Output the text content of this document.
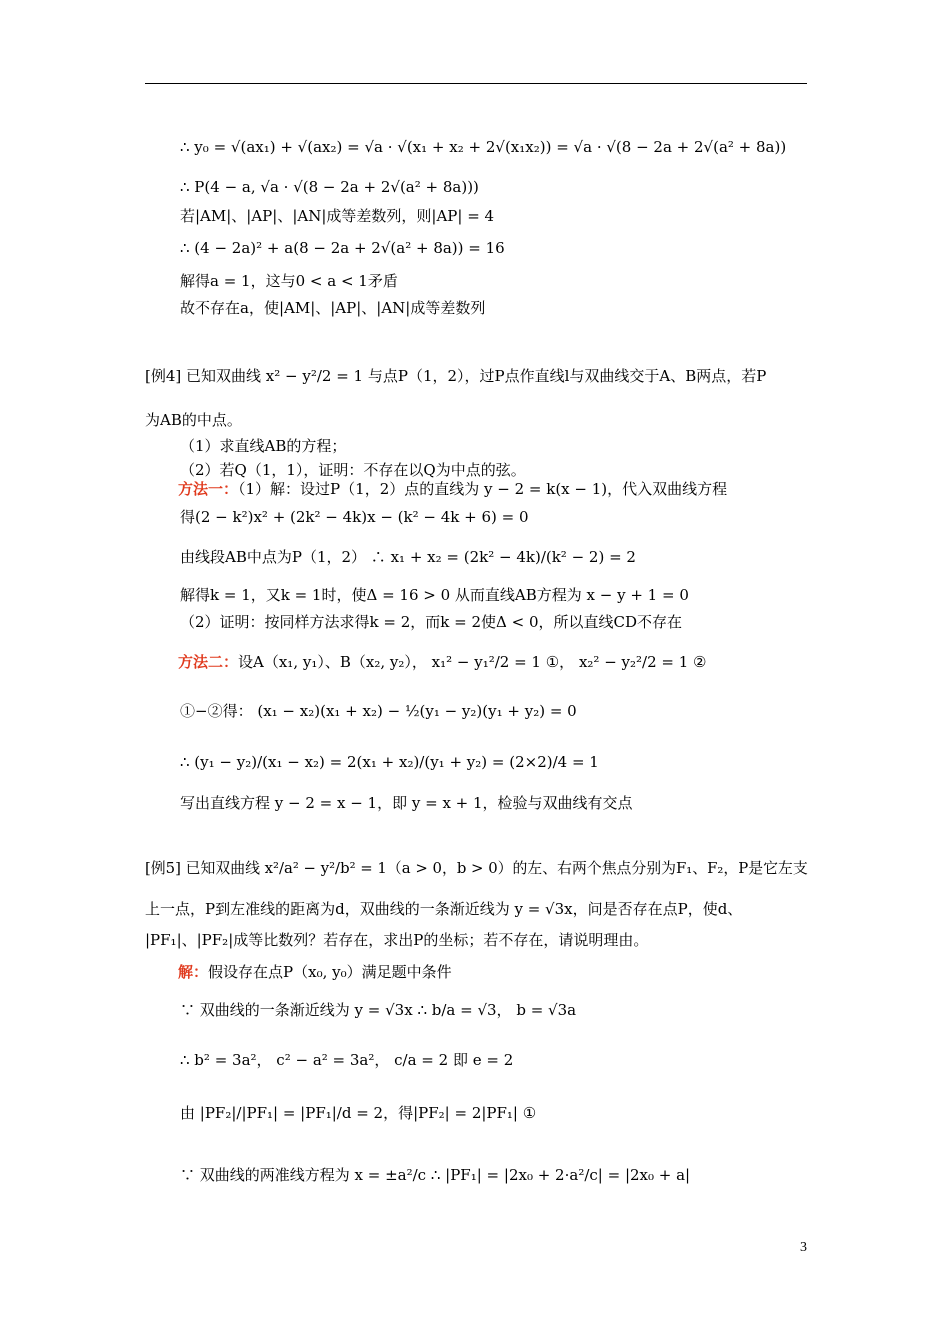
∴ y₀ = √(ax₁) + √(ax₂) = √a · √(x₁ + x₂ + 2√(x₁x₂)) = √a · √(8 − 2a + 2√(a² + 8a))
∴ P(4 − a, √a · √(8 − 2a + 2√(a² + 8a)))
若|AM|、|AP|、|AN|成等差数列，则|AP| = 4
∴ (4 − 2a)² + a(8 − 2a + 2√(a² + 8a)) = 16
解得a = 1，这与0 < a < 1矛盾
故不存在a，使|AM|、|AP|、|AN|成等差数列
[例4] 已知双曲线 x² − y²/2 = 1 与点P（1，2），过P点作直线l与双曲线交于A、B两点，若P
为AB的中点。
（1）求直线AB的方程；
（2）若Q（1，1），证明：不存在以Q为中点的弦。
方法一：（1）解：设过P（1，2）点的直线为 y − 2 = k(x − 1)，代入双曲线方程
得(2 − k²)x² + (2k² − 4k)x − (k² − 4k + 6) = 0
由线段AB中点为P（1，2） ∴ x₁ + x₂ = (2k² − 4k)/(k² − 2) = 2
解得k = 1，又k = 1时，使Δ = 16 > 0 从而直线AB方程为 x − y + 1 = 0
（2）证明：按同样方法求得k = 2，而k = 2使Δ < 0，所以直线CD不存在
方法二：设A（x₁, y₁）、B（x₂, y₂）， x₁² − y₁²/2 = 1 ①， x₂² − y₂²/2 = 1 ②
①−②得： (x₁ − x₂)(x₁ + x₂) − ½(y₁ − y₂)(y₁ + y₂) = 0
∴ (y₁ − y₂)/(x₁ − x₂) = 2(x₁ + x₂)/(y₁ + y₂) = (2×2)/4 = 1
写出直线方程 y − 2 = x − 1，即 y = x + 1，检验与双曲线有交点
[例5] 已知双曲线 x²/a² − y²/b² = 1（a > 0，b > 0）的左、右两个焦点分别为F₁、F₂，P是它左支
上一点，P到左准线的距离为d，双曲线的一条渐近线为 y = √3x，问是否存在点P，使d、
|PF₁|、|PF₂|成等比数列？若存在，求出P的坐标；若不存在，请说明理由。
解：假设存在点P（x₀, y₀）满足题中条件
∵ 双曲线的一条渐近线为 y = √3x ∴ b/a = √3， b = √3a
∴ b² = 3a²， c² − a² = 3a²， c/a = 2 即 e = 2
由 |PF₂|/|PF₁| = |PF₁|/d = 2，得|PF₂| = 2|PF₁| ①
∵ 双曲线的两准线方程为 x = ±a²/c ∴ |PF₁| = |2x₀ + 2·a²/c| = |2x₀ + a|
3
